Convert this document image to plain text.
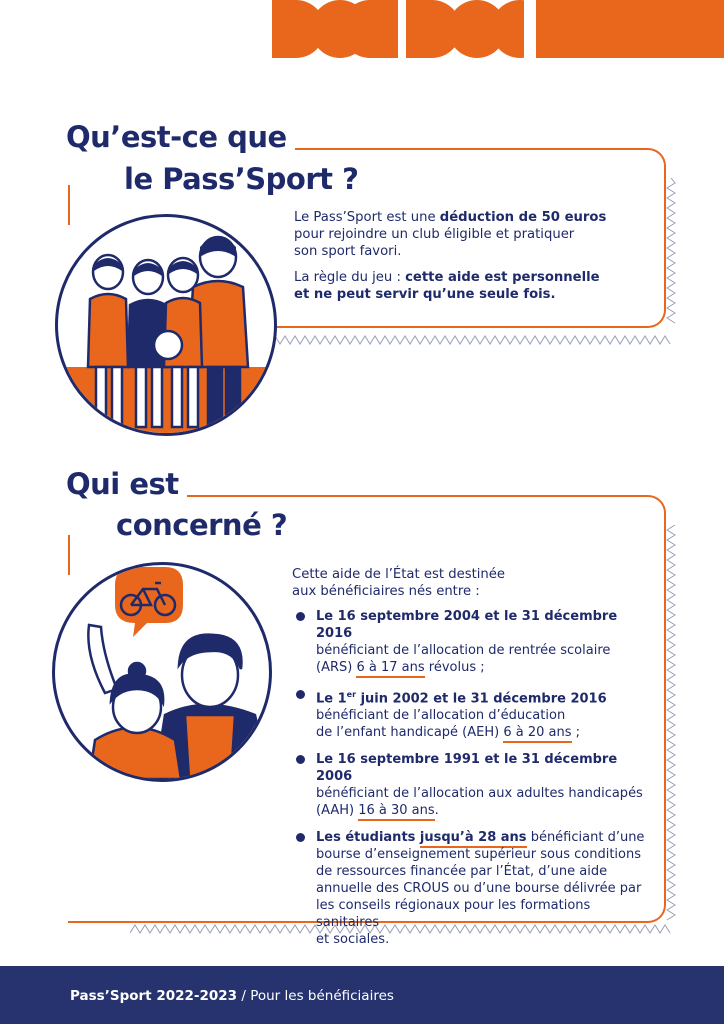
Qu’est-ce que
le Pass’Sport ?
Le Pass’Sport est une déduction de 50 euros
pour rejoindre un club éligible et pratiquer
son sport favori.
La règle du jeu : cette aide est personnelle
et ne peut servir qu’une seule fois.
Qui est
concerné ?
Cette aide de l’État est destinée
aux bénéficiaires nés entre :
Le 16 septembre 2004 et le 31 décembre 2016
bénéficiant de l’allocation de rentrée scolaire
(ARS) 6 à 17 ans révolus ;
Le 1er juin 2002 et le 31 décembre 2016
bénéficiant de l’allocation d’éducation
de l’enfant handicapé (AEH) 6 à 20 ans ;
Le 16 septembre 1991 et le 31 décembre 2006
bénéficiant de l’allocation aux adultes handicapés
(AAH) 16 à 30 ans.
Les étudiants jusqu’à 28 ans bénéficiant d’une
bourse d’enseignement supérieur sous conditions
de ressources financée par l’État, d’une aide
annuelle des CROUS ou d’une bourse délivrée par
les conseils régionaux pour les formations sanitaires
et sociales.
Pass’Sport 2022-2023 / Pour les bénéficiaires
